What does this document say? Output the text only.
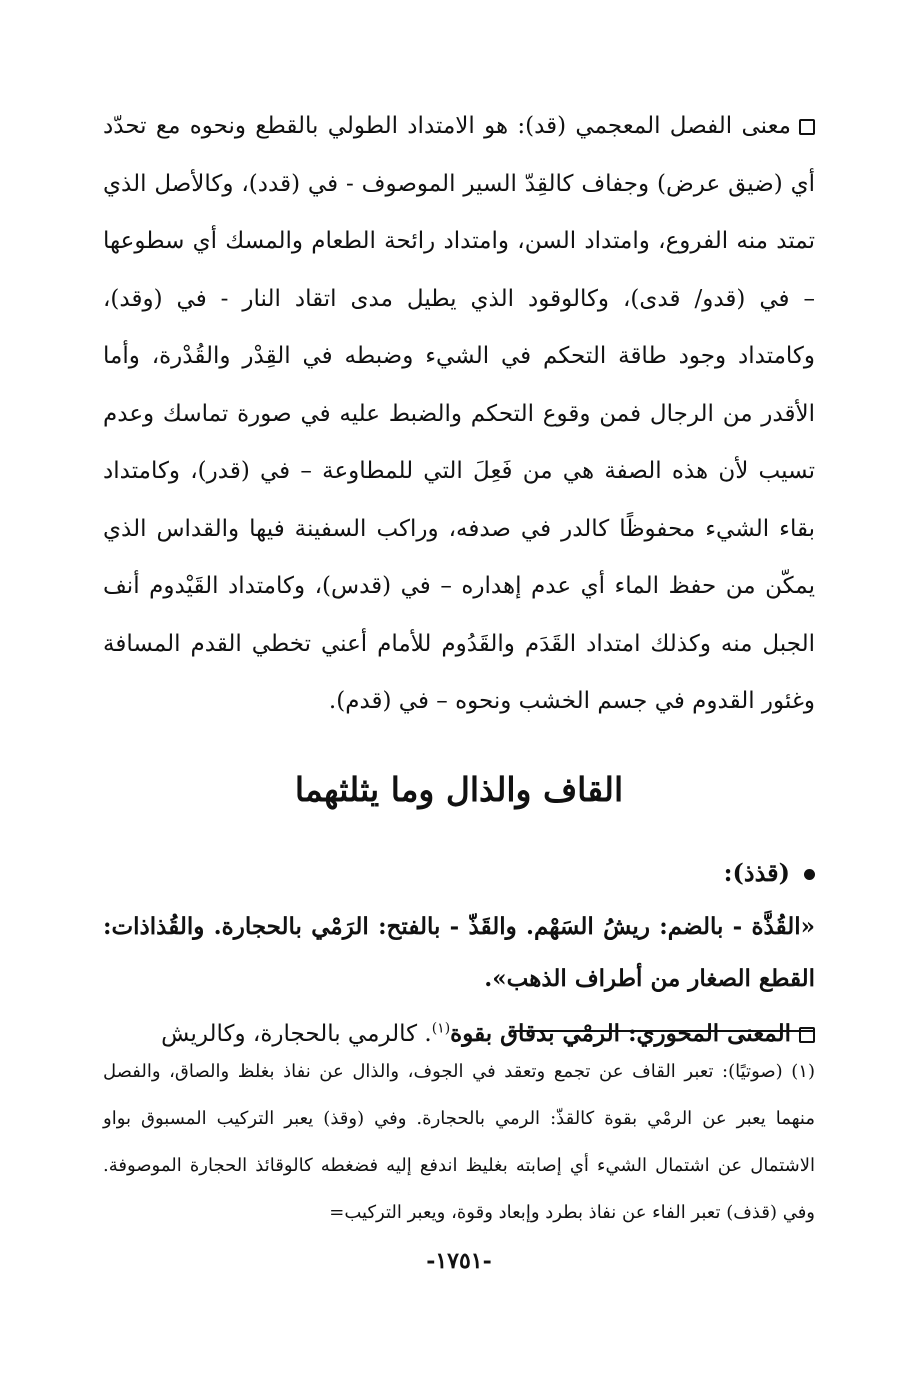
معنى الفصل المعجمي (قد): هو الامتداد الطولي بالقطع ونحوه مع تحدّد أي (ضيق عرض) وجفاف كالقِدّ السير الموصوف - في (قدد)، وكالأصل الذي تمتد منه الفروع، وامتداد السن، وامتداد رائحة الطعام والمسك أي سطوعها – في (قدو/ قدى)، وكالوقود الذي يطيل مدى اتقاد النار - في (وقد)، وكامتداد وجود طاقة التحكم في الشيء وضبطه في القِدْر والقُدْرة، وأما الأقدر من الرجال فمن وقوع التحكم والضبط عليه في صورة تماسك وعدم تسيب لأن هذه الصفة هي من فَعِلَ التي للمطاوعة – في (قدر)، وكامتداد بقاء الشيء محفوظًا كالدر في صدفه، وراكب السفينة فيها والقداس الذي يمكّن من حفظ الماء أي عدم إهداره – في (قدس)، وكامتداد القَيْدوم أنف الجبل منه وكذلك امتداد القَدَم والقَدُوم للأمام أعني تخطي القدم المسافة وغئور القدوم في جسم الخشب ونحوه – في (قدم).

القاف والذال وما يثلثهما

(قذذ):

«القُذَّة - بالضم: ريشُ السَهْم. والقَذّ - بالفتح: الرَمْي بالحجارة. والقُذاذات: القطع الصغار من أطراف الذهب».

المعنى المحوري: الرمْي بدقاق بقوة$^{(١)}$. كالرمي بالحجارة، وكالريش

(١) (صوتيًا): تعبر القاف عن تجمع وتعقد في الجوف، والذال عن نفاذ بغلظ والصاق، والفصل منهما يعبر عن الرمْي بقوة كالقذّ: الرمي بالحجارة. وفي (وقذ) يعبر التركيب المسبوق بواو الاشتمال عن اشتمال الشيء أي إصابته بغليظ اندفع إليه فضغطه كالوقائذ الحجارة الموصوفة. وفي (قذف) تعبر الفاء عن نفاذ بطرد وإبعاد وقوة، ويعبر التركيب=

-١٧٥١-
